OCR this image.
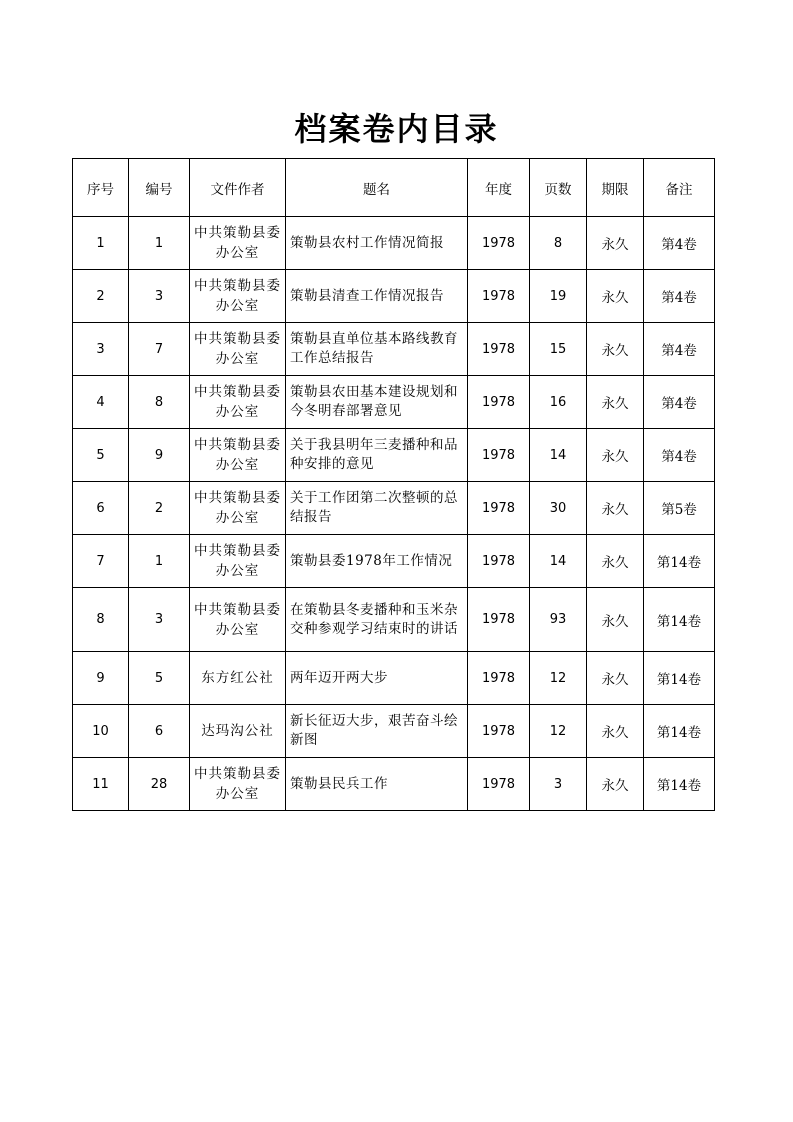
档案卷内目录
序号	编号	文件作者	题名	年度	页数	期限	备注
1	1	中共策勒县委办公室	策勒县农村工作情况简报	1978	8	永久	第4卷
2	3	中共策勒县委办公室	策勒县清查工作情况报告	1978	19	永久	第4卷
3	7	中共策勒县委办公室	策勒县直单位基本路线教育工作总结报告	1978	15	永久	第4卷
4	8	中共策勒县委办公室	策勒县农田基本建设规划和今冬明春部署意见	1978	16	永久	第4卷
5	9	中共策勒县委办公室	关于我县明年三麦播种和品种安排的意见	1978	14	永久	第4卷
6	2	中共策勒县委办公室	关于工作团第二次整顿的总结报告	1978	30	永久	第5卷
7	1	中共策勒县委办公室	策勒县委1978年工作情况	1978	14	永久	第14卷
8	3	中共策勒县委办公室	在策勒县冬麦播种和玉米杂交种参观学习结束时的讲话	1978	93	永久	第14卷
9	5	东方红公社	两年迈开两大步	1978	12	永久	第14卷
10	6	达玛沟公社	新长征迈大步，艰苦奋斗绘新图	1978	12	永久	第14卷
11	28	中共策勒县委办公室	策勒县民兵工作	1978	3	永久	第14卷
